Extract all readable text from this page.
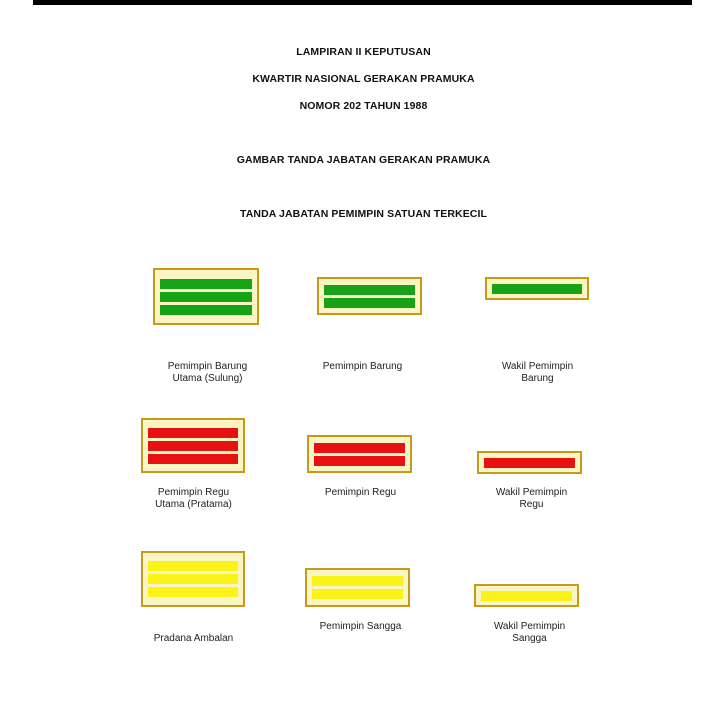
LAMPIRAN II KEPUTUSAN
KWARTIR NASIONAL GERAKAN PRAMUKA
NOMOR 202 TAHUN 1988
GAMBAR TANDA JABATAN GERAKAN PRAMUKA
TANDA JABATAN PEMIMPIN SATUAN TERKECIL
Pemimpin Barung
Utama (Sulung)
Pemimpin Barung	Wakil Pemimpin
Barung
Pemimpin Regu
Utama (Pratama)
Pemimpin Regu	Wakil Pemimpin
Regu
Pradana Ambalan
Pemimpin Sangga	Wakil Pemimpin
Sangga
